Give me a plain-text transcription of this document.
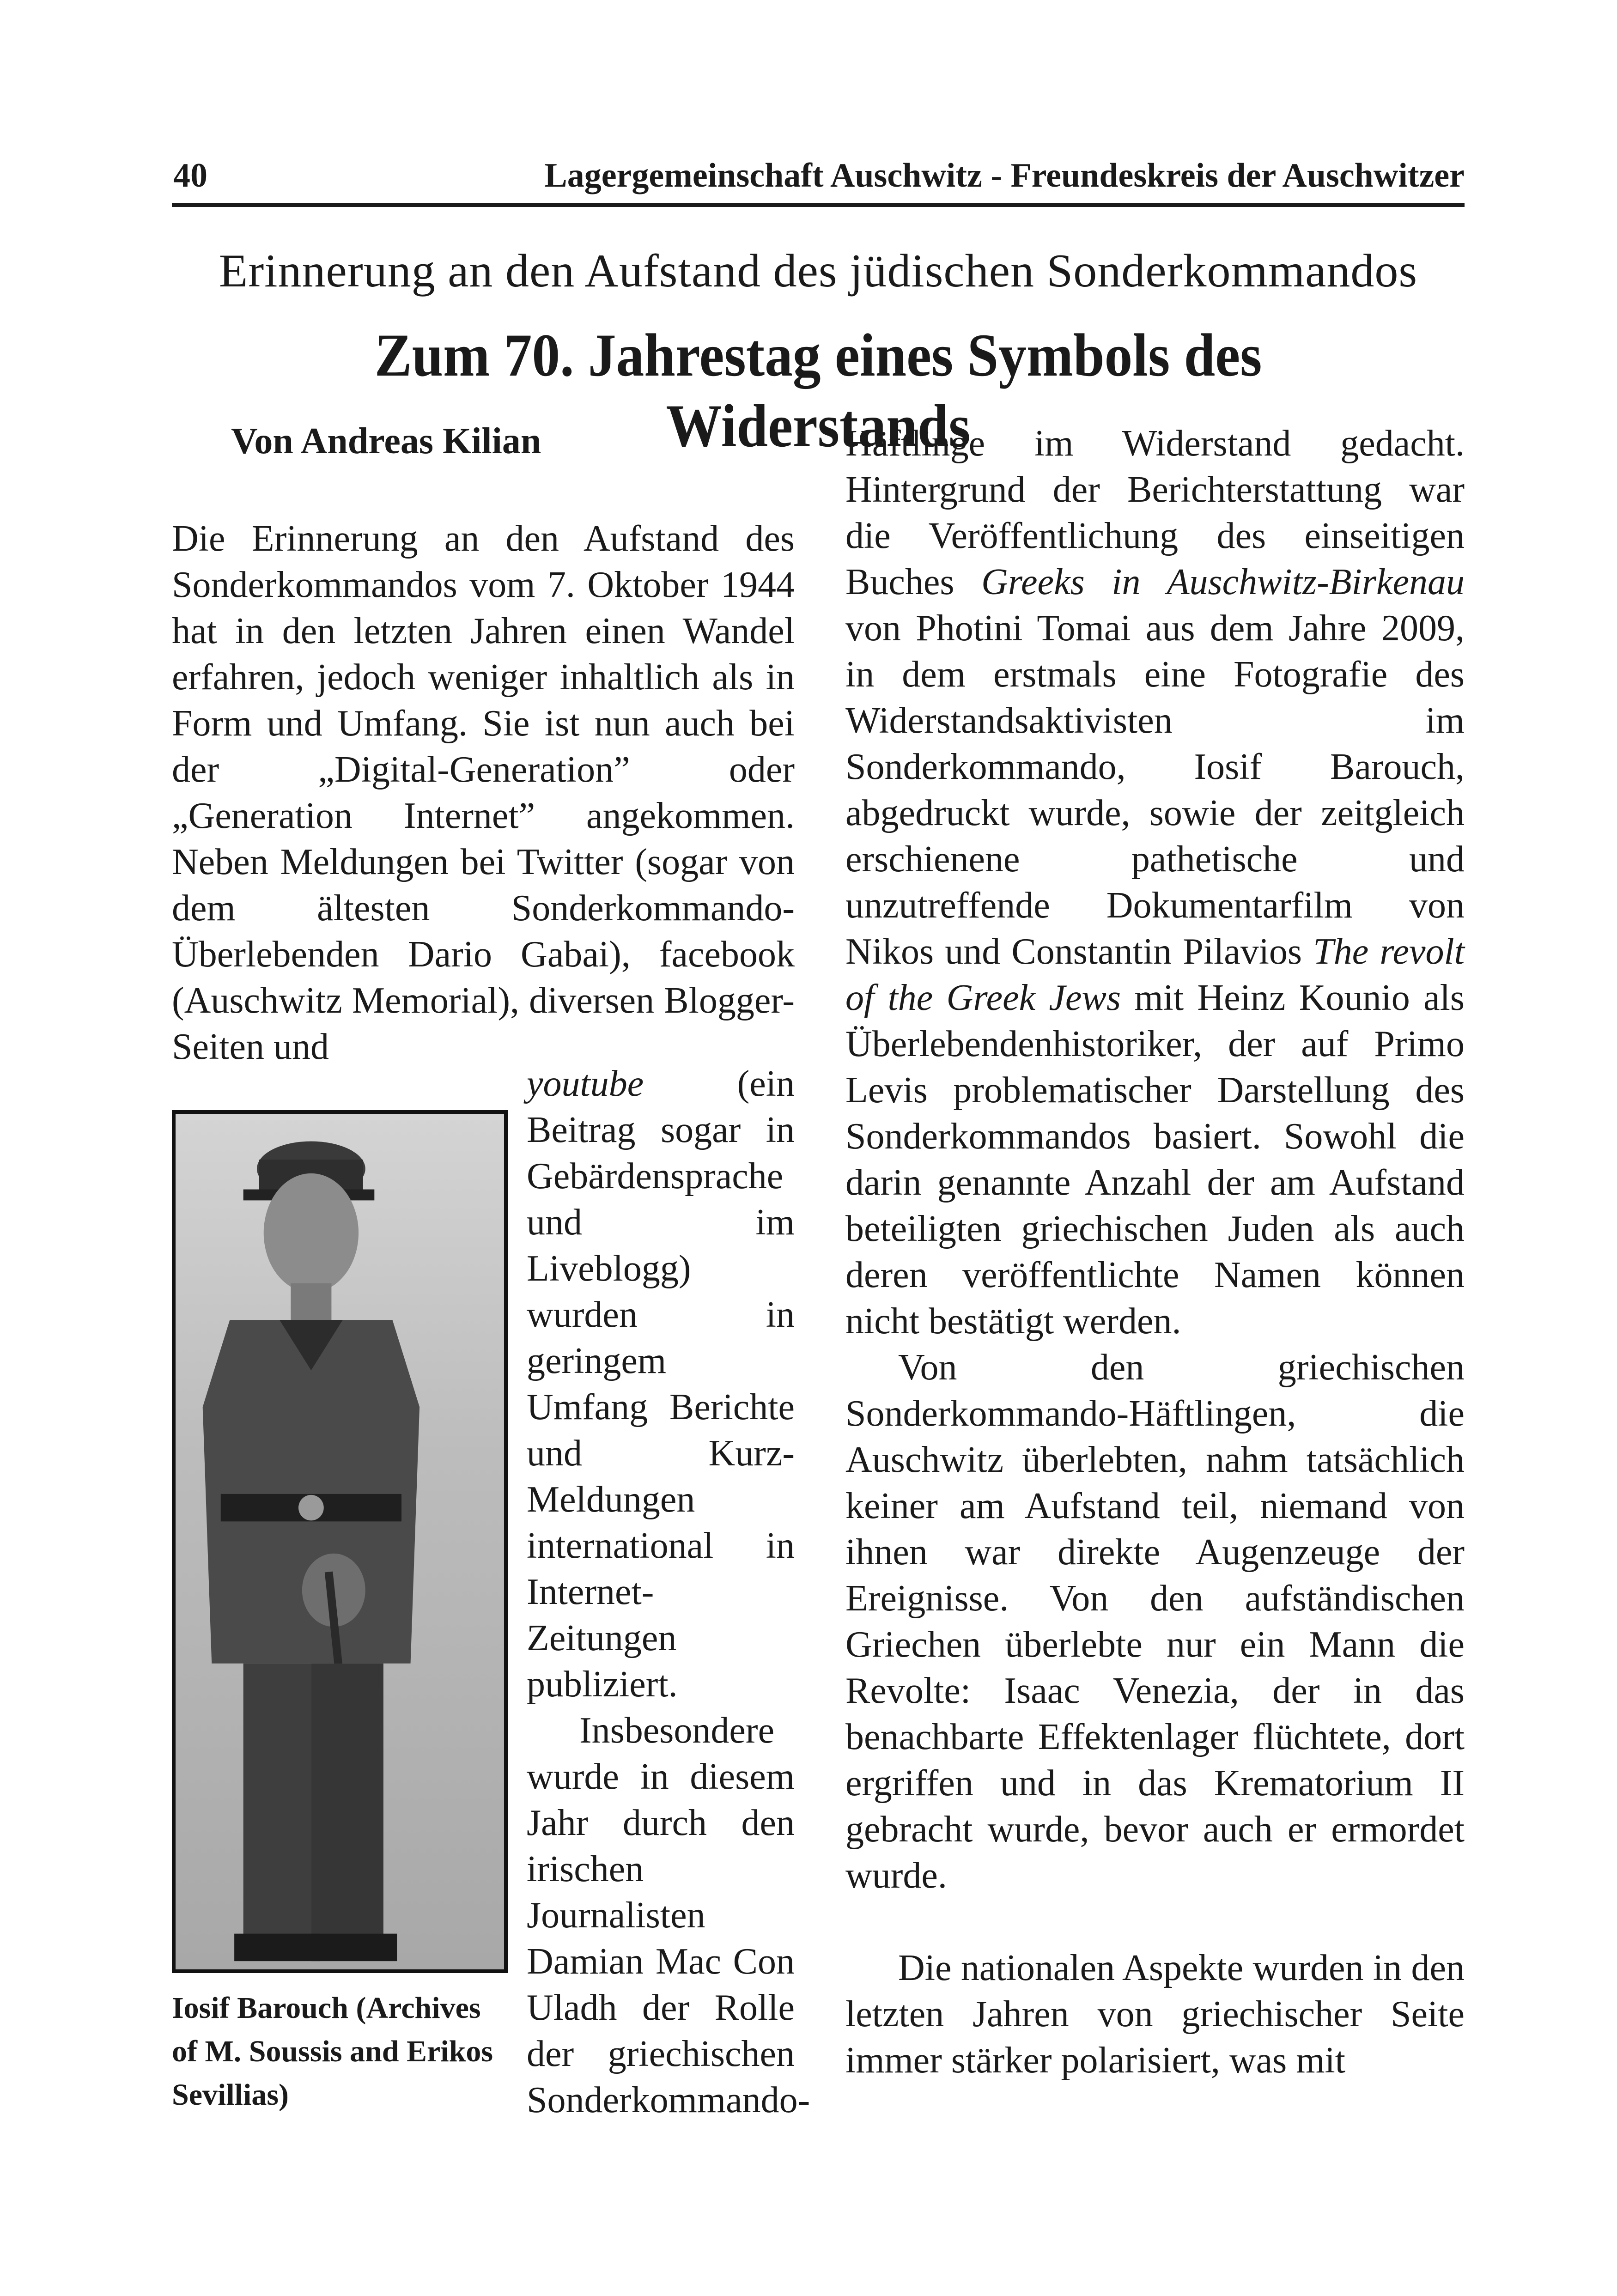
40	Lagergemeinschaft Auschwitz - Freundeskreis der Auschwitzer
Erinnerung an den Aufstand des jüdischen Sonderkommandos
Zum 70. Jahrestag eines Symbols des Widerstands
Von Andreas Kilian
Die Erinnerung an den Aufstand des Sonderkommandos vom 7. Oktober 1944 hat in den letzten Jahren einen Wandel erfahren, jedoch weniger inhaltlich als in Form und Umfang. Sie ist nun auch bei der „Digital-Generation” oder „Generation Internet” angekommen. Neben Meldungen bei Twitter (sogar von dem ältesten Sonderkommando-Überlebenden Dario Gabai), facebook (Auschwitz Memorial), diversen Blogger-Seiten und

youtube (ein Beitrag sogar in Gebärdensprache und im Liveblogg) wurden in geringem Umfang Berichte und Kurz-Meldungen international in Internet-Zeitungen publiziert.

Insbesondere wurde in diesem Jahr durch den irischen Journalisten Damian Mac Con Uladh der Rolle der griechischen Sonderkommando-

Iosif Barouch (Archives of M. Soussis and Erikos Sevillias)

Häftlinge im Widerstand gedacht. Hintergrund der Berichterstattung war die Veröffentlichung des einseitigen Buches Greeks in Auschwitz-Birkenau von Photini Tomai aus dem Jahre 2009, in dem erstmals eine Fotografie des Widerstandsaktivisten im Sonderkommando, Iosif Barouch, abgedruckt wurde, sowie der zeitgleich erschienene pathetische und unzutreffende Dokumentarfilm von Nikos und Constantin Pilavios The revolt of the Greek Jews mit Heinz Kounio als Überlebendenhistoriker, der auf Primo Levis problematischer Darstellung des Sonderkommandos basiert. Sowohl die darin genannte Anzahl der am Aufstand beteiligten griechischen Juden als auch deren veröffentlichte Namen können nicht bestätigt werden.

Von den griechischen Sonderkommando-Häftlingen, die Auschwitz überlebten, nahm tatsächlich keiner am Aufstand teil, niemand von ihnen war direkte Augenzeuge der Ereignisse. Von den aufständischen Griechen überlebte nur ein Mann die Revolte: Isaac Venezia, der in das benachbarte Effektenlager flüchtete, dort ergriffen und in das Krematorium II gebracht wurde, bevor auch er ermordet wurde.

Die nationalen Aspekte wurden in den letzten Jahren von griechischer Seite immer stärker polarisiert, was mit
